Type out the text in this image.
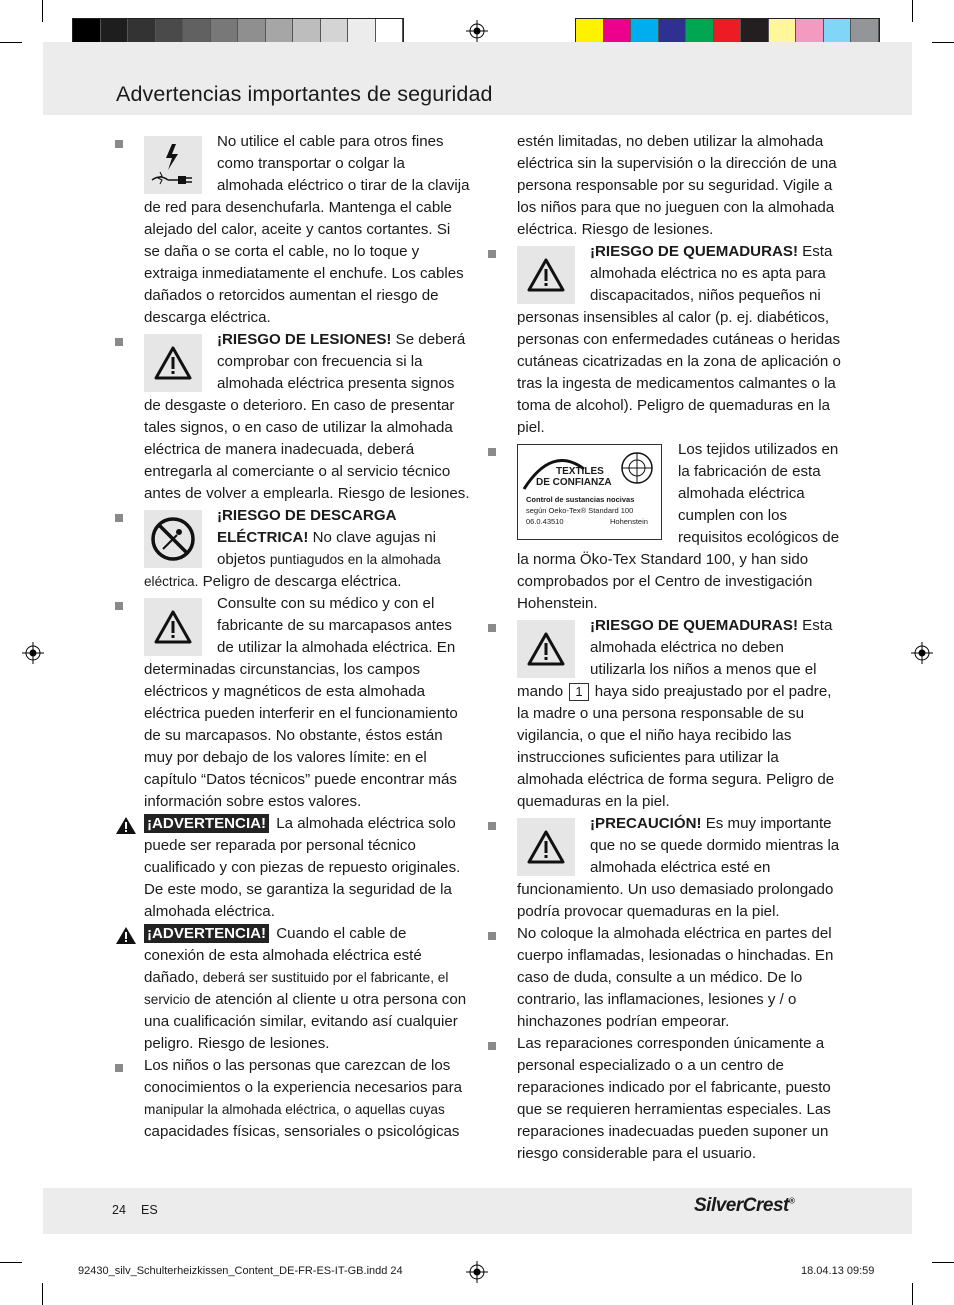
Advertencias importantes de seguridad
No utilice el cable para otros fines como transportar o colgar la almohada eléctrico o tirar de la clavija de red para desenchufarla. Mantenga el cable alejado del calor, aceite y cantos cortantes. Si se daña o se corta el cable, no lo toque y extraiga inmediatamente el enchufe. Los cables dañados o retorcidos aumentan el riesgo de descarga eléctrica.
¡RIESGO DE LESIONES! Se deberá comprobar con frecuencia si la almohada eléctrica presenta signos de desgaste o deterioro. En caso de presentar tales signos, o en caso de utilizar la almohada eléctrica de manera inadecuada, deberá entregarla al comerciante o al servicio técnico antes de volver a emplearla. Riesgo de lesiones.
¡RIESGO DE DESCARGA ELÉCTRICA! No clave agujas ni objetos puntiagudos en la almohada eléctrica. Peligro de descarga eléctrica.
Consulte con su médico y con el fabricante de su marcapasos antes de utilizar la almohada eléctrica. En determinadas circunstancias, los campos eléctricos y magnéticos de esta almohada eléctrica pueden interferir en el funcionamiento de su marcapasos. No obstante, éstos están muy por debajo de los valores límite: en el capítulo “Datos técnicos” puede encontrar más información sobre estos valores.
¡ADVERTENCIA! La almohada eléctrica solo puede ser reparada por personal técnico cualificado y con piezas de repuesto originales. De este modo, se garantiza la seguridad de la almohada eléctrica.
¡ADVERTENCIA! Cuando el cable de conexión de esta almohada eléctrica esté dañado, deberá ser sustituido por el fabricante, el servicio de atención al cliente u otra persona con una cualificación similar, evitando así cualquier peligro. Riesgo de lesiones.
Los niños o las personas que carezcan de los conocimientos o la experiencia necesarios para manipular la almohada eléctrica, o aquellas cuyas capacidades físicas, sensoriales o psicológicas
estén limitadas, no deben utilizar la almohada eléctrica sin la supervisión o la dirección de una persona responsable por su seguridad. Vigile a los niños para que no jueguen con la almohada eléctrica. Riesgo de lesiones.
¡RIESGO DE QUEMADURAS! Esta almohada eléctrica no es apta para discapacitados, niños pequeños ni personas insensibles al calor (p. ej. diabéticos, personas con enfermedades cutáneas o heridas cutáneas cicatrizadas en la zona de aplicación o tras la ingesta de medicamentos calmantes o la toma de alcohol). Peligro de quemaduras en la piel.
TEXTILES
DE CONFIANZA
Control de sustancias nocivas
según Oeko-Tex® Standard 100
06.0.43510	Hohenstein
Los tejidos utilizados en la fabricación de esta almohada eléctrica cumplen con los requisitos ecológicos de la norma Öko-Tex Standard 100, y han sido comprobados por el Centro de investigación Hohenstein.
¡RIESGO DE QUEMADURAS! Esta almohada eléctrica no deben utilizarla los niños a menos que el mando 1 haya sido preajustado por el padre, la madre o una persona responsable de su vigilancia, o que el niño haya recibido las instrucciones suficientes para utilizar la almohada eléctrica de forma segura. Peligro de quemaduras en la piel.
¡PRECAUCIÓN! Es muy importante que no se quede dormido mientras la almohada eléctrica esté en funcionamiento. Un uso demasiado prolongado podría provocar quemaduras en la piel.
No coloque la almohada eléctrica en partes del cuerpo inflamadas, lesionadas o hinchadas. En caso de duda, consulte a un médico. De lo contrario, las inflamaciones, lesiones y / o hinchazones podrían empeorar.
Las reparaciones corresponden únicamente a personal especializado o a un centro de reparaciones indicado por el fabricante, puesto que se requieren herramientas especiales. Las reparaciones inadecuadas pueden suponer un riesgo considerable para el usuario.
24 ES	SilverCrest®
92430_silv_Schulterheizkissen_Content_DE-FR-ES-IT-GB.indd 24	18.04.13 09:59
